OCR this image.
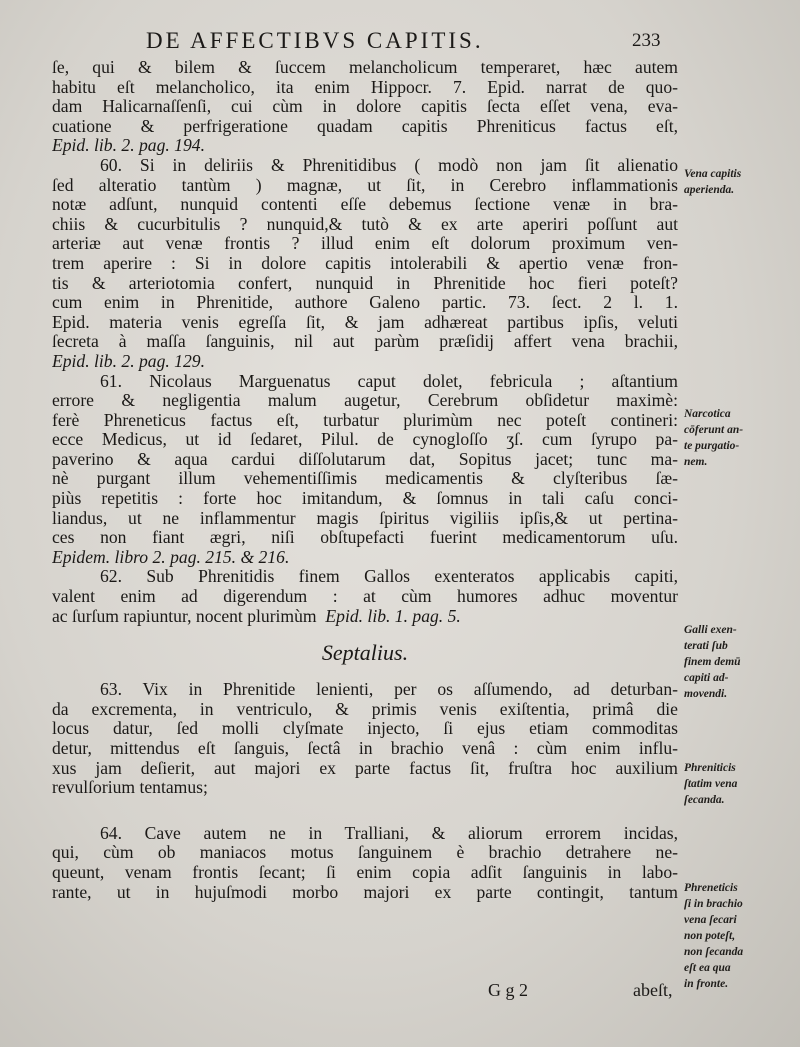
DE AFFECTIBVS CAPITIS.	233
ſe, qui & bilem & ſuccem melancholicum temperaret, hæc autem
habitu eſt melancholico, ita enim Hippocr. 7. Epid. narrat de quo-
dam Halicarnaſſenſi, cui cùm in dolore capitis ſecta eſſet vena, eva-
cuatione & perfrigeratione quadam capitis Phreniticus factus eſt,
Epid. lib. 2. pag. 194.
60. Si in deliriis & Phrenitidibus ( modò non jam ſit alienatio
ſed alteratio tantùm ) magnæ, ut ſit, in Cerebro inflammationis
notæ adſunt, nunquid contenti eſſe debemus ſectione venæ in bra-
chiis & cucurbitulis ? nunquid,& tutò & ex arte aperiri poſſunt aut
arteriæ aut venæ frontis ? illud enim eſt dolorum proximum ven-
trem aperire : Si in dolore capitis intolerabili & apertio venæ fron-
tis & arteriotomia confert, nunquid in Phrenitide hoc fieri poteſt?
cum enim in Phrenitide, authore Galeno partic. 73. ſect. 2 l. 1.
Epid. materia venis egreſſa ſit, & jam adhæreat partibus ipſis, veluti
ſecreta à maſſa ſanguinis, nil aut parùm præſidij affert vena brachii,
Epid. lib. 2. pag. 129.
61. Nicolaus Marguenatus caput dolet, febricula ; aſtantium
errore & negligentia malum augetur, Cerebrum obſidetur maximè:
ferè Phreneticus factus eſt, turbatur plurimùm nec poteſt contineri:
ecce Medicus, ut id ſedaret, Pilul. de cynogloſſo ʒſ. cum ſyrupo pa-
paverino & aqua cardui diſſolutarum dat, Sopitus jacet; tunc ma-
nè purgant illum vehementiſſimis medicamentis & clyſteribus ſæ-
piùs repetitis : forte hoc imitandum, & ſomnus in tali caſu conci-
liandus, ut ne inflammentur magis ſpiritus vigiliis ipſis,& ut pertina-
ces non fiant ægri, niſi obſtupefacti fuerint medicamentorum uſu.
Epidem. libro 2. pag. 215. & 216.
62. Sub Phrenitidis finem Gallos exenteratos applicabis capiti,
valent enim ad digerendum : at cùm humores adhuc moventur
ac ſurſum rapiuntur, nocent plurimùm Epid. lib. 1. pag. 5.
Septalius.
63. Vix in Phrenitide lenienti, per os aſſumendo, ad deturban-
da excrementa, in ventriculo, & primis venis exiſtentia, primâ die
locus datur, ſed molli clyſmate injecto, ſi ejus etiam commoditas
detur, mittendus eſt ſanguis, ſectâ in brachio venâ : cùm enim influ-
xus jam deſierit, aut majori ex parte factus ſit, fruſtra hoc auxilium
revulſorium tentamus;
64. Cave autem ne in Tralliani, & aliorum errorem incidas,
qui, cùm ob maniacos motus ſanguinem è brachio detrahere ne-
queunt, venam frontis ſecant; ſi enim copia adſit ſanguinis in labo-
rante, ut in hujuſmodi morbo majori ex parte contingit, tantum
G g 2	abeſt,
Vena capitis
aperienda.
Narcotica
cōferunt an-
te purgatio-
nem.
Galli exen-
terati ſub
finem demū
capiti ad-
movendi.
Phreniticis
ſtatim vena
ſecanda.
Phreneticis
ſi in brachio
vena ſecari
non poteſt,
non ſecanda
eſt ea qua
in fronte.
